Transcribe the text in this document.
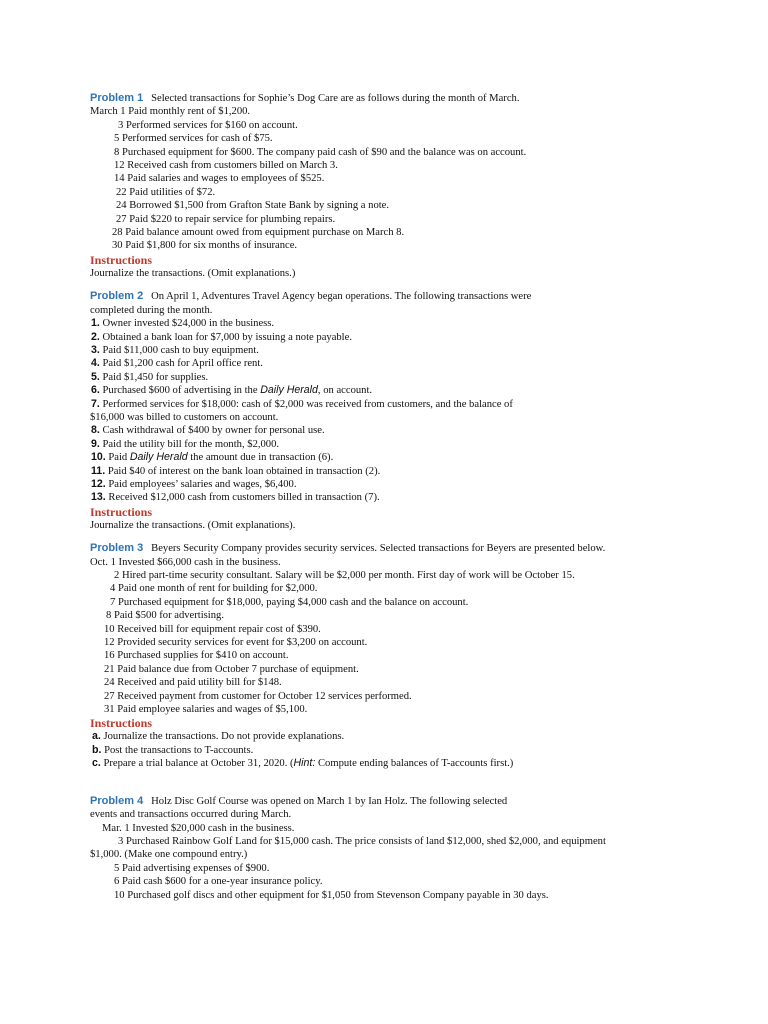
Problem 1 Selected transactions for Sophie’s Dog Care are as follows during the month of March.
March 1 Paid monthly rent of $1,200.
3 Performed services for $160 on account.
5 Performed services for cash of $75.
8 Purchased equipment for $600. The company paid cash of $90 and the balance was on account.
12 Received cash from customers billed on March 3.
14 Paid salaries and wages to employees of $525.
22 Paid utilities of $72.
24 Borrowed $1,500 from Grafton State Bank by signing a note.
27 Paid $220 to repair service for plumbing repairs.
28 Paid balance amount owed from equipment purchase on March 8.
30 Paid $1,800 for six months of insurance.
Instructions
Journalize the transactions. (Omit explanations.)
Problem 2 On April 1, Adventures Travel Agency began operations. The following transactions were
completed during the month.
1. Owner invested $24,000 in the business.
2. Obtained a bank loan for $7,000 by issuing a note payable.
3. Paid $11,000 cash to buy equipment.
4. Paid $1,200 cash for April office rent.
5. Paid $1,450 for supplies.
6. Purchased $600 of advertising in the Daily Herald, on account.
7. Performed services for $18,000: cash of $2,000 was received from customers, and the balance of
$16,000 was billed to customers on account.
8. Cash withdrawal of $400 by owner for personal use.
9. Paid the utility bill for the month, $2,000.
10. Paid Daily Herald the amount due in transaction (6).
11. Paid $40 of interest on the bank loan obtained in transaction (2).
12. Paid employees’ salaries and wages, $6,400.
13. Received $12,000 cash from customers billed in transaction (7).
Instructions
Journalize the transactions. (Omit explanations).
Problem 3 Beyers Security Company provides security services. Selected transactions for Beyers are presented below.
Oct. 1 Invested $66,000 cash in the business.
2 Hired part-time security consultant. Salary will be $2,000 per month. First day of work will be October 15.
4 Paid one month of rent for building for $2,000.
7 Purchased equipment for $18,000, paying $4,000 cash and the balance on account.
8 Paid $500 for advertising.
10 Received bill for equipment repair cost of $390.
12 Provided security services for event for $3,200 on account.
16 Purchased supplies for $410 on account.
21 Paid balance due from October 7 purchase of equipment.
24 Received and paid utility bill for $148.
27 Received payment from customer for October 12 services performed.
31 Paid employee salaries and wages of $5,100.
Instructions
a. Journalize the transactions. Do not provide explanations.
b. Post the transactions to T-accounts.
c. Prepare a trial balance at October 31, 2020. (Hint: Compute ending balances of T-accounts first.)
Problem 4 Holz Disc Golf Course was opened on March 1 by Ian Holz. The following selected
events and transactions occurred during March.
Mar. 1 Invested $20,000 cash in the business.
3 Purchased Rainbow Golf Land for $15,000 cash. The price consists of land $12,000, shed $2,000, and equipment
$1,000. (Make one compound entry.)
5 Paid advertising expenses of $900.
6 Paid cash $600 for a one-year insurance policy.
10 Purchased golf discs and other equipment for $1,050 from Stevenson Company payable in 30 days.
